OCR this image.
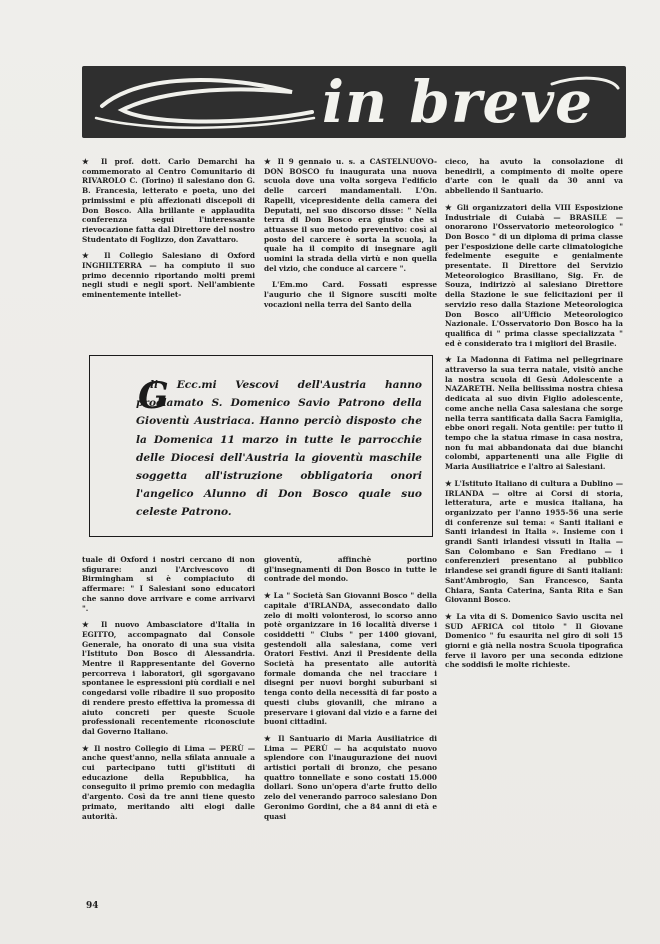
in breve

★ Il prof. dott. Carlo Demarchi ha commemorato al Centro Comunitario di RIVAROLO C. (Torino) il salesiano don G. B. Francesia, letterato e poeta, uno dei primissimi e più affezionati discepoli di Don Bosco. Alla brillante e applaudita conferenza seguì l'interessante rievocazione fatta dal Direttore del nostro Studentato di Foglizzo, don Zavattaro.

★ Il Collegio Salesiano di Oxford INGHILTERRA — ha compiuto il suo primo decennio riportando molti premi negli studi e negli sport. Nell'ambiente eminentemente intellet-

★ Il 9 gennaio u. s. a CASTELNUOVO-DON BOSCO fu inaugurata una nuova scuola dove una volta sorgeva l'edificio delle carceri mandamentali. L'On. Rapelli, vicepresidente della camera dei Deputati, nel suo discorso disse: " Nella terra di Don Bosco era giusto che si attuasse il suo metodo preventivo: così al posto del carcere è sorta la scuola, la quale ha il compito di insegnare agli uomini la strada della virtù e non quella del vizio, che conduce al carcere ".

L'Em.mo Card. Fossati espresse l'augurio che il Signore susciti molte vocazioni nella terra del Santo della

cieco, ha avuto la consolazione di benedirli, a compimento di molte opere d'arte con le quali da 30 anni va abbellendo il Santuario.

★ Gli organizzatori della VIII Esposizione Industriale di Cuiabà — BRASILE — onorarono l'Osservatorio meteorologico " Don Bosco " di un diploma di prima classe per l'esposizione delle carte climatologiche fedelmente eseguite e genialmente presentate. Il Direttore del Servizio Meteorologico Brasiliano, Sig. Fr. de Souza, indirizzò al salesiano Direttore della Stazione le sue felicitazioni per il servizio reso dalla Stazione Meteorologica Don Bosco all'Ufficio Meteorologico Nazionale. L'Osservatorio Don Bosco ha la qualifica di " prima classe specializzata " ed è considerato tra i migliori del Brasile.

★ La Madonna di Fatima nel pellegrinare attraverso la sua terra natale, visitò anche la nostra scuola di Gesù Adolescente a NAZARETH. Nella bellissima nostra chiesa dedicata al suo divin Figlio adolescente, come anche nella Casa salesiana che sorge nella terra santificata dalla Sacra Famiglia, ebbe onori regali. Nota gentile: per tutto il tempo che la statua rimase in casa nostra, non fu mai abbandonata dai due bianchi colombi, appartenenti una alle Figlie di Maria Ausiliatrice e l'altro ai Salesiani.

★ L'Istituto Italiano di cultura a Dublino — IRLANDA — oltre ai Corsi di storia, letteratura, arte e musica italiana, ha organizzato per l'anno 1955-56 una serie di conferenze sul tema: « Santi italiani e Santi irlandesi in Italia ». Insieme con i grandi Santi irlandesi vissuti in Italia — San Colombano e San Frediano — i conferenzieri presentano al pubblico irlandese sei grandi figure di Santi italiani: Sant'Ambrogio, San Francesco, Santa Chiara, Santa Caterina, Santa Rita e San Giovanni Bosco.

★ La vita di S. Domenico Savio uscita nel SUD AFRICA col titolo " Il Giovane Domenico " fu esaurita nel giro di soli 15 giorni e già nella nostra Scuola tipografica ferve il lavoro per una seconda edizione che soddisfi le molte richieste.

G
li Ecc.mi Vescovi dell'Austria hanno proclamato S. Domenico Savio Patrono della Gioventù Austriaca. Hanno perciò disposto che la Domenica 11 marzo in tutte le parrocchie delle Diocesi dell'Austria la gioventù maschile soggetta all'istruzione obbligatoria onori l'angelico Alunno di Don Bosco quale suo celeste Patrono.

tuale di Oxford i nostri cercano di non sfigurare: anzi l'Arcivescovo di Birmingham si è compiaciuto di affermare: " I Salesiani sono educatori che sanno dove arrivare e come arrivarvi ".

★ Il nuovo Ambasciatore d'Italia in EGITTO, accompagnato dal Console Generale, ha onorato di una sua visita l'Istituto Don Bosco di Alessandria. Mentre il Rappresentante del Governo percorreva i laboratori, gli sgorgavano spontanee le espressioni più cordiali e nel congedarsi volle ribadire il suo proposito di rendere presto effettiva la promessa di aiuto concreti per queste Scuole professionali recentemente riconosciute dal Governo Italiano.

★ Il nostro Collegio di Lima — PERÙ — anche quest'anno, nella sfilata annuale a cui partecipano tutti gl'istituti di educazione della Repubblica, ha conseguito il primo premio con medaglia d'argento. Così da tre anni tiene questo primato, meritando alti elogi dalle autorità.

gioventù, affinchè portino gl'insegnamenti di Don Bosco in tutte le contrade del mondo.

★ La " Società San Giovanni Bosco " della capitale d'IRLANDA, assecondato dallo zelo di molti volonterosi, lo scorso anno potè organizzare in 16 località diverse i cosiddetti " Clubs " per 1400 giovani, gestendoli alla salesiana, come veri Oratori Festivi. Anzi il Presidente della Società ha presentato alle autorità formale domanda che nel tracciare i disegni per nuovi borghi suburbani si tenga conto della necessità di far posto a questi clubs giovanili, che mirano a preservare i giovani dal vizio e a farne dei buoni cittadini.

★ Il Santuario di Maria Ausiliatrice di Lima — PERÙ — ha acquistato nuovo splendore con l'inaugurazione dei nuovi artistici portali di bronzo, che pesano quattro tonnellate e sono costati 15.000 dollari. Sono un'opera d'arte frutto dello zelo del venerando parroco salesiano Don Geronimo Gordini, che a 84 anni di età e quasi

94
